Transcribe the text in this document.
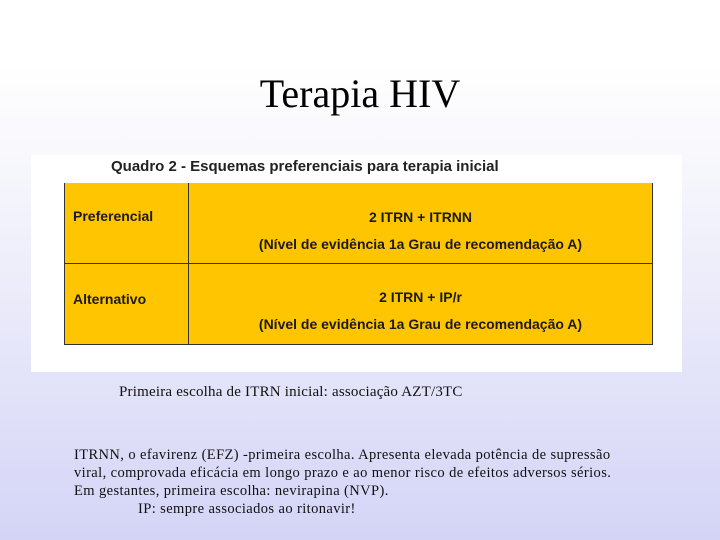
Terapia HIV
Quadro 2 - Esquemas preferenciais para terapia inicial
Preferencial	2 ITRN + ITRNN
(Nível de evidência 1a Grau de recomendação A)
Alternativo	2 ITRN + IP/r
(Nível de evidência 1a Grau de recomendação A)
Primeira escolha de ITRN inicial: associação AZT/3TC
ITRNN, o efavirenz (EFZ) -primeira escolha. Apresenta elevada potência de supressão
viral, comprovada eficácia em longo prazo e ao menor risco de efeitos adversos sérios.
Em gestantes, primeira escolha: nevirapina (NVP).
IP: sempre associados ao ritonavir!
